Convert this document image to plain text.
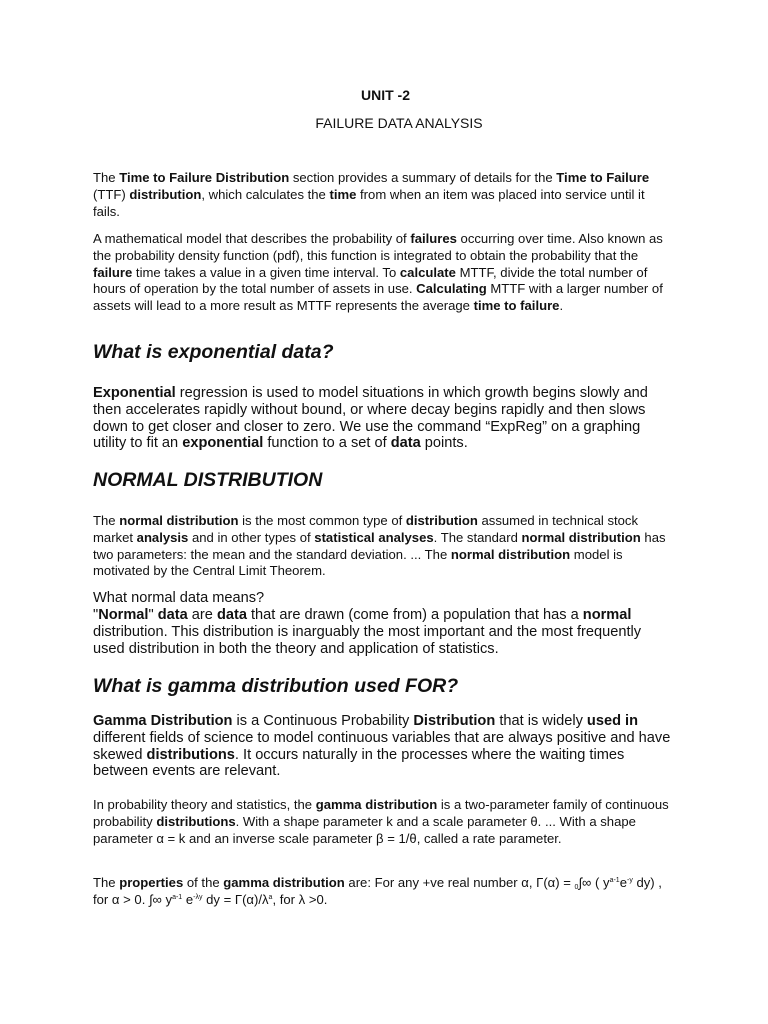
UNIT -2
FAILURE DATA ANALYSIS

The Time to Failure Distribution section provides a summary of details for the Time to Failure (TTF) distribution, which calculates the time from when an item was placed into service until it fails.

A mathematical model that describes the probability of failures occurring over time. Also known as the probability density function (pdf), this function is integrated to obtain the probability that the failure time takes a value in a given time interval. To calculate MTTF, divide the total number of hours of operation by the total number of assets in use. Calculating MTTF with a larger number of assets will lead to a more result as MTTF represents the average time to failure.

What is exponential data?

Exponential regression is used to model situations in which growth begins slowly and then accelerates rapidly without bound, or where decay begins rapidly and then slows down to get closer and closer to zero. We use the command “ExpReg” on a graphing utility to fit an exponential function to a set of data points.

NORMAL DISTRIBUTION

The normal distribution is the most common type of distribution assumed in technical stock market analysis and in other types of statistical analyses. The standard normal distribution has two parameters: the mean and the standard deviation. ... The normal distribution model is motivated by the Central Limit Theorem.

What normal data means?

"Normal" data are data that are drawn (come from) a population that has a normal distribution. This distribution is inarguably the most important and the most frequently used distribution in both the theory and application of statistics.

What is gamma distribution used FOR?

Gamma Distribution is a Continuous Probability Distribution that is widely used in different fields of science to model continuous variables that are always positive and have skewed distributions. It occurs naturally in the processes where the waiting times between events are relevant.

In probability theory and statistics, the gamma distribution is a two-parameter family of continuous probability distributions. With a shape parameter k and a scale parameter θ. ... With a shape parameter α = k and an inverse scale parameter β = 1/θ, called a rate parameter.

The properties of the gamma distribution are: For any +ve real number α, Γ(α) = $_0$∫∞ ( $y^{a-1}e^{-y}$ dy) , for α > 0. ∫∞ $y^{a-1}$ $e^{-\lambda y}$ dy = $\Gamma(\alpha)/\lambda^a$, for λ >0.
